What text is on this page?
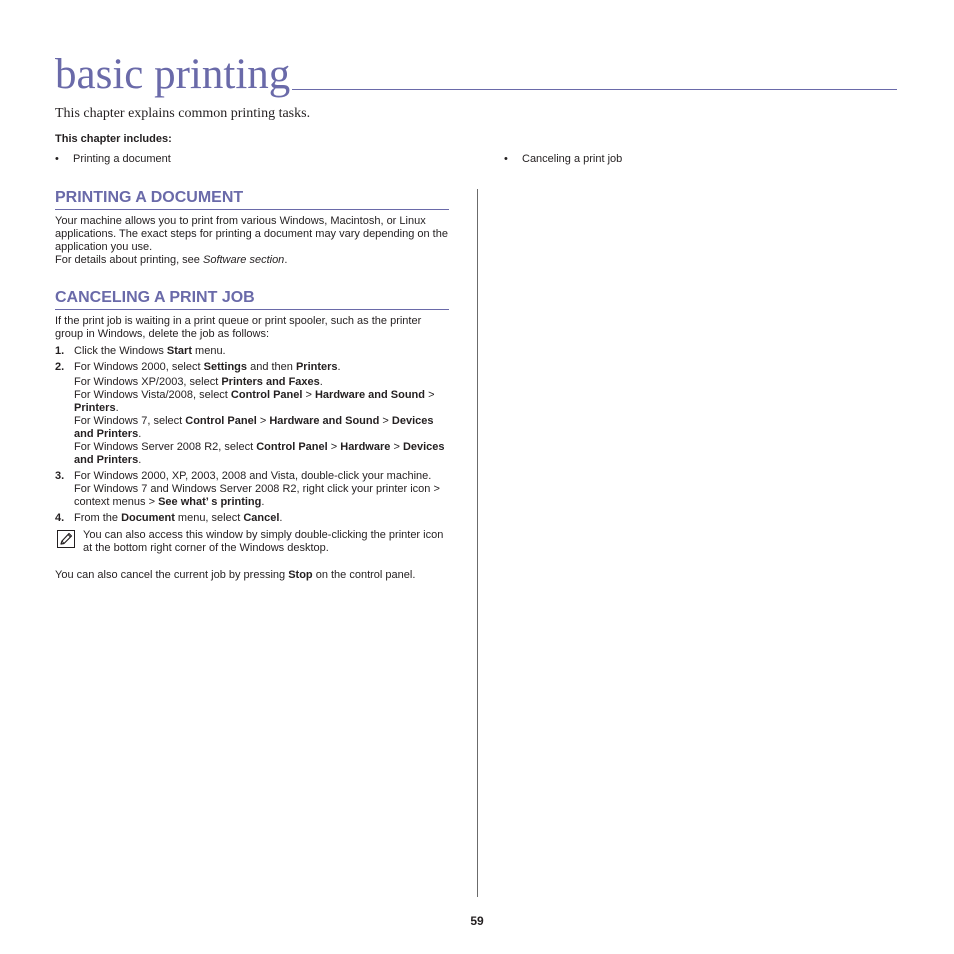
basic printing

This chapter explains common printing tasks.

This chapter includes:

• Printing a document	• Canceling a print job
PRINTING A DOCUMENT

Your machine allows you to print from various Windows, Macintosh, or Linux applications. The exact steps for printing a document may vary depending on the application you use.

For details about printing, see Software section.

CANCELING A PRINT JOB

If the print job is waiting in a print queue or print spooler, such as the printer group in Windows, delete the job as follows:

1. Click the Windows Start menu.
2. For Windows 2000, select Settings and then Printers.
For Windows XP/2003, select Printers and Faxes.
For Windows Vista/2008, select Control Panel > Hardware and Sound > Printers.
For Windows 7, select Control Panel > Hardware and Sound > Devices and Printers.
For Windows Server 2008 R2, select Control Panel > Hardware > Devices and Printers.
3. For Windows 2000, XP, 2003, 2008 and Vista, double-click your machine.
For Windows 7 and Windows Server 2008 R2, right click your printer icon > context menus > See what’ s printing.
4. From the Document menu, select Cancel.
You can also access this window by simply double-clicking the printer icon at the bottom right corner of the Windows desktop.

You can also cancel the current job by pressing Stop on the control panel.

59
